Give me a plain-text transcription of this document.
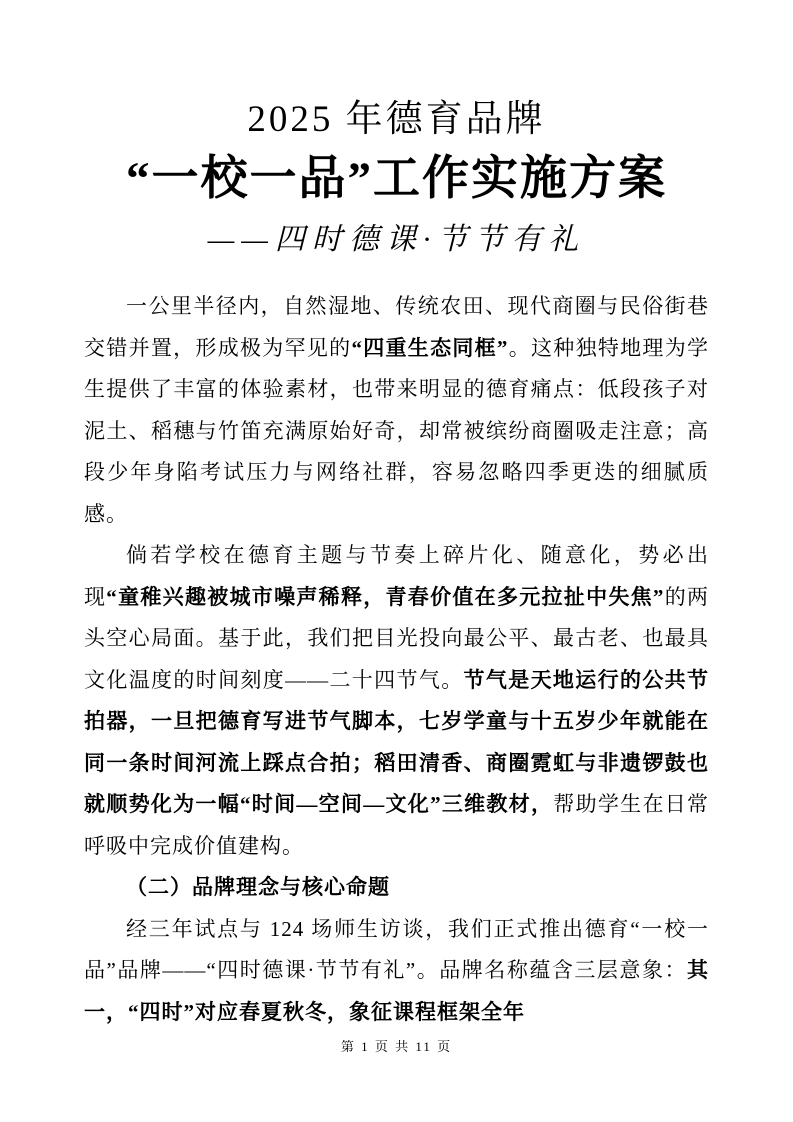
2025 年德育品牌
“一校一品”工作实施方案
——四时德课·节节有礼

一公里半径内，自然湿地、传统农田、现代商圈与民俗街巷交错并置，形成极为罕见的“四重生态同框”。这种独特地理为学生提供了丰富的体验素材，也带来明显的德育痛点：低段孩子对泥土、稻穗与竹笛充满原始好奇，却常被缤纷商圈吸走注意；高段少年身陷考试压力与网络社群，容易忽略四季更迭的细腻质感。

倘若学校在德育主题与节奏上碎片化、随意化，势必出现“童稚兴趣被城市噪声稀释，青春价值在多元拉扯中失焦”的两头空心局面。基于此，我们把目光投向最公平、最古老、也最具文化温度的时间刻度——二十四节气。节气是天地运行的公共节拍器，一旦把德育写进节气脚本，七岁学童与十五岁少年就能在同一条时间河流上踩点合拍；稻田清香、商圈霓虹与非遗锣鼓也就顺势化为一幅“时间—空间—文化”三维教材，帮助学生在日常呼吸中完成价值建构。

（二）品牌理念与核心命题

经三年试点与 124 场师生访谈，我们正式推出德育“一校一品”品牌——“四时德课·节节有礼”。品牌名称蕴含三层意象：其一，“四时”对应春夏秋冬，象征课程框架全年

第 1 页 共 11 页
